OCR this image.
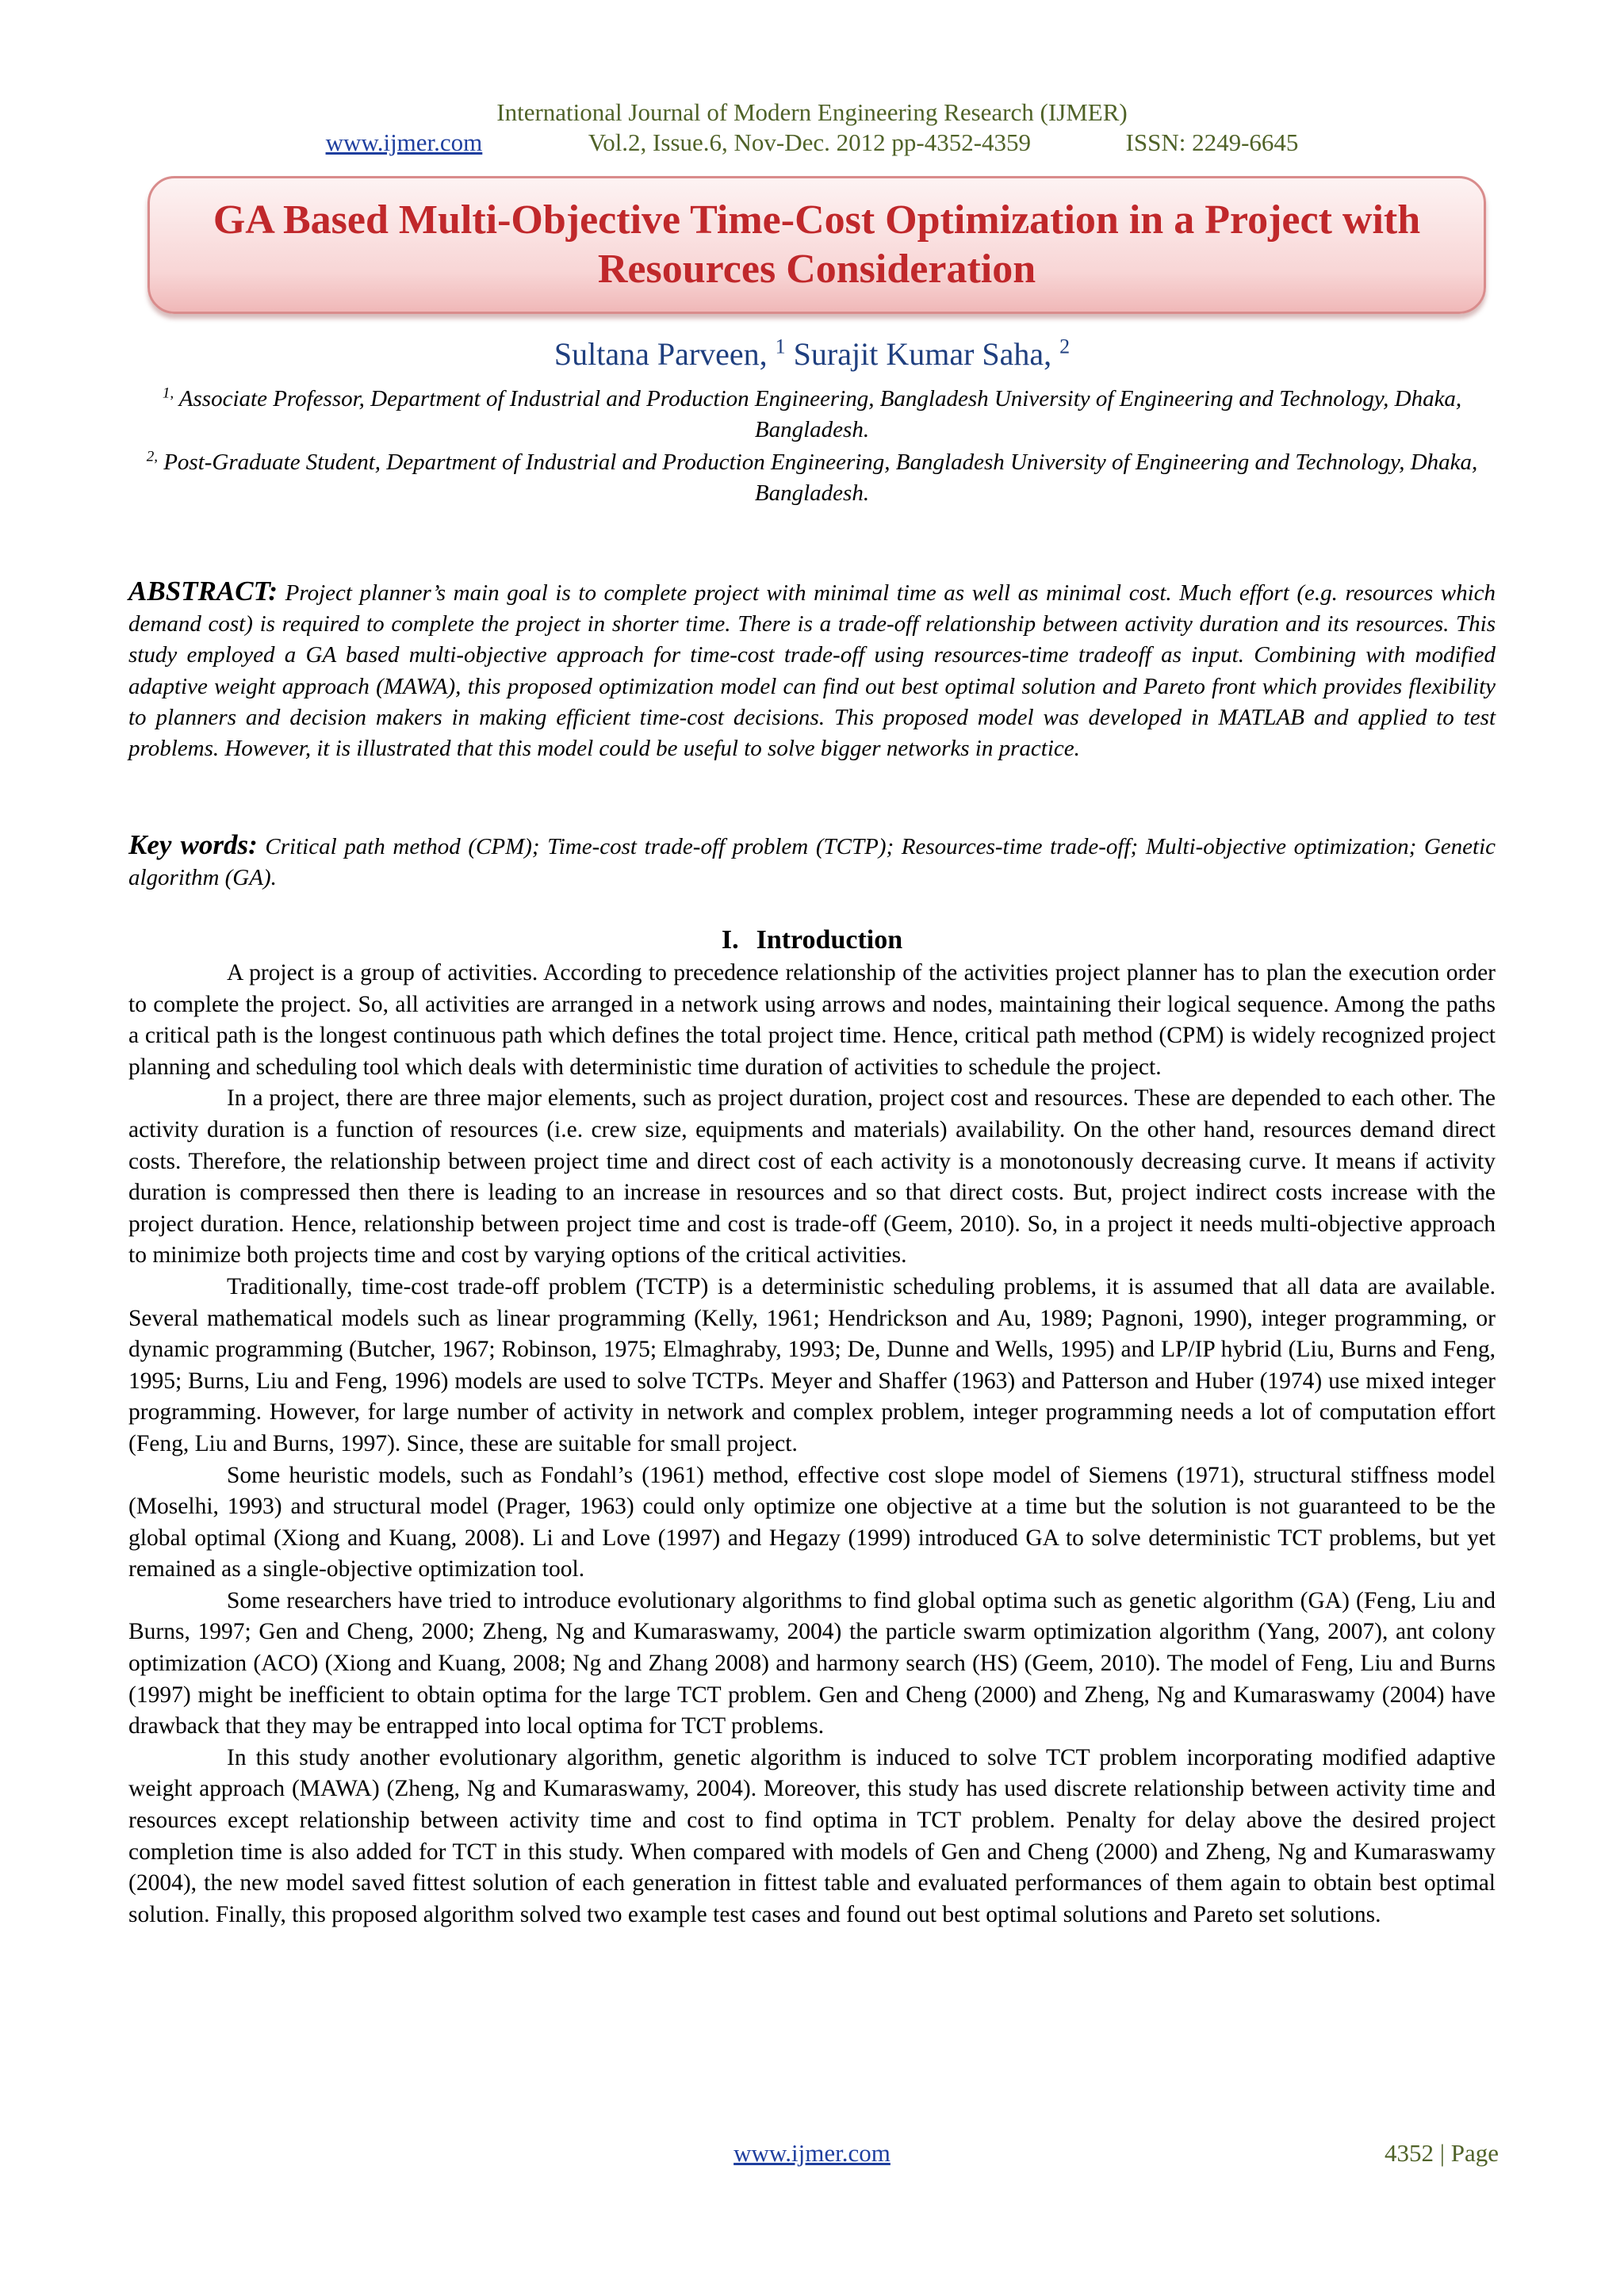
International Journal of Modern Engineering Research (IJMER)
www.ijmer.com	Vol.2, Issue.6, Nov-Dec. 2012 pp-4352-4359	ISSN: 2249-6645
GA Based Multi-Objective Time-Cost Optimization in a Project with Resources Consideration
Sultana Parveen, $^1$ Surajit Kumar Saha, $^2$
$^{1,}$ Associate Professor, Department of Industrial and Production Engineering, Bangladesh University of Engineering and Technology, Dhaka, Bangladesh.
$^{2,}$ Post-Graduate Student, Department of Industrial and Production Engineering, Bangladesh University of Engineering and Technology, Dhaka, Bangladesh.

ABSTRACT: Project planner’s main goal is to complete project with minimal time as well as minimal cost. Much effort (e.g. resources which demand cost) is required to complete the project in shorter time. There is a trade-off relationship between activity duration and its resources. This study employed a GA based multi-objective approach for time-cost trade-off using resources-time tradeoff as input. Combining with modified adaptive weight approach (MAWA), this proposed optimization model can find out best optimal solution and Pareto front which provides flexibility to planners and decision makers in making efficient time-cost decisions. This proposed model was developed in MATLAB and applied to test problems. However, it is illustrated that this model could be useful to solve bigger networks in practice.

Key words: Critical path method (CPM); Time-cost trade-off problem (TCTP); Resources-time trade-off; Multi-objective optimization; Genetic algorithm (GA).

I. Introduction

A project is a group of activities. According to precedence relationship of the activities project planner has to plan the execution order to complete the project. So, all activities are arranged in a network using arrows and nodes, maintaining their logical sequence. Among the paths a critical path is the longest continuous path which defines the total project time. Hence, critical path method (CPM) is widely recognized project planning and scheduling tool which deals with deterministic time duration of activities to schedule the project.

In a project, there are three major elements, such as project duration, project cost and resources. These are depended to each other. The activity duration is a function of resources (i.e. crew size, equipments and materials) availability. On the other hand, resources demand direct costs. Therefore, the relationship between project time and direct cost of each activity is a monotonously decreasing curve. It means if activity duration is compressed then there is leading to an increase in resources and so that direct costs. But, project indirect costs increase with the project duration. Hence, relationship between project time and cost is trade-off (Geem, 2010). So, in a project it needs multi-objective approach to minimize both projects time and cost by varying options of the critical activities.

Traditionally, time-cost trade-off problem (TCTP) is a deterministic scheduling problems, it is assumed that all data are available. Several mathematical models such as linear programming (Kelly, 1961; Hendrickson and Au, 1989; Pagnoni, 1990), integer programming, or dynamic programming (Butcher, 1967; Robinson, 1975; Elmaghraby, 1993; De, Dunne and Wells, 1995) and LP/IP hybrid (Liu, Burns and Feng, 1995; Burns, Liu and Feng, 1996) models are used to solve TCTPs. Meyer and Shaffer (1963) and Patterson and Huber (1974) use mixed integer programming. However, for large number of activity in network and complex problem, integer programming needs a lot of computation effort (Feng, Liu and Burns, 1997). Since, these are suitable for small project.

Some heuristic models, such as Fondahl’s (1961) method, effective cost slope model of Siemens (1971), structural stiffness model (Moselhi, 1993) and structural model (Prager, 1963) could only optimize one objective at a time but the solution is not guaranteed to be the global optimal (Xiong and Kuang, 2008). Li and Love (1997) and Hegazy (1999) introduced GA to solve deterministic TCT problems, but yet remained as a single-objective optimization tool.

Some researchers have tried to introduce evolutionary algorithms to find global optima such as genetic algorithm (GA) (Feng, Liu and Burns, 1997; Gen and Cheng, 2000; Zheng, Ng and Kumaraswamy, 2004) the particle swarm optimization algorithm (Yang, 2007), ant colony optimization (ACO) (Xiong and Kuang, 2008; Ng and Zhang 2008) and harmony search (HS) (Geem, 2010). The model of Feng, Liu and Burns (1997) might be inefficient to obtain optima for the large TCT problem. Gen and Cheng (2000) and Zheng, Ng and Kumaraswamy (2004) have drawback that they may be entrapped into local optima for TCT problems.

In this study another evolutionary algorithm, genetic algorithm is induced to solve TCT problem incorporating modified adaptive weight approach (MAWA) (Zheng, Ng and Kumaraswamy, 2004). Moreover, this study has used discrete relationship between activity time and resources except relationship between activity time and cost to find optima in TCT problem. Penalty for delay above the desired project completion time is also added for TCT in this study. When compared with models of Gen and Cheng (2000) and Zheng, Ng and Kumaraswamy (2004), the new model saved fittest solution of each generation in fittest table and evaluated performances of them again to obtain best optimal solution. Finally, this proposed algorithm solved two example test cases and found out best optimal solutions and Pareto set solutions.

www.ijmer.com	4352 | Page
